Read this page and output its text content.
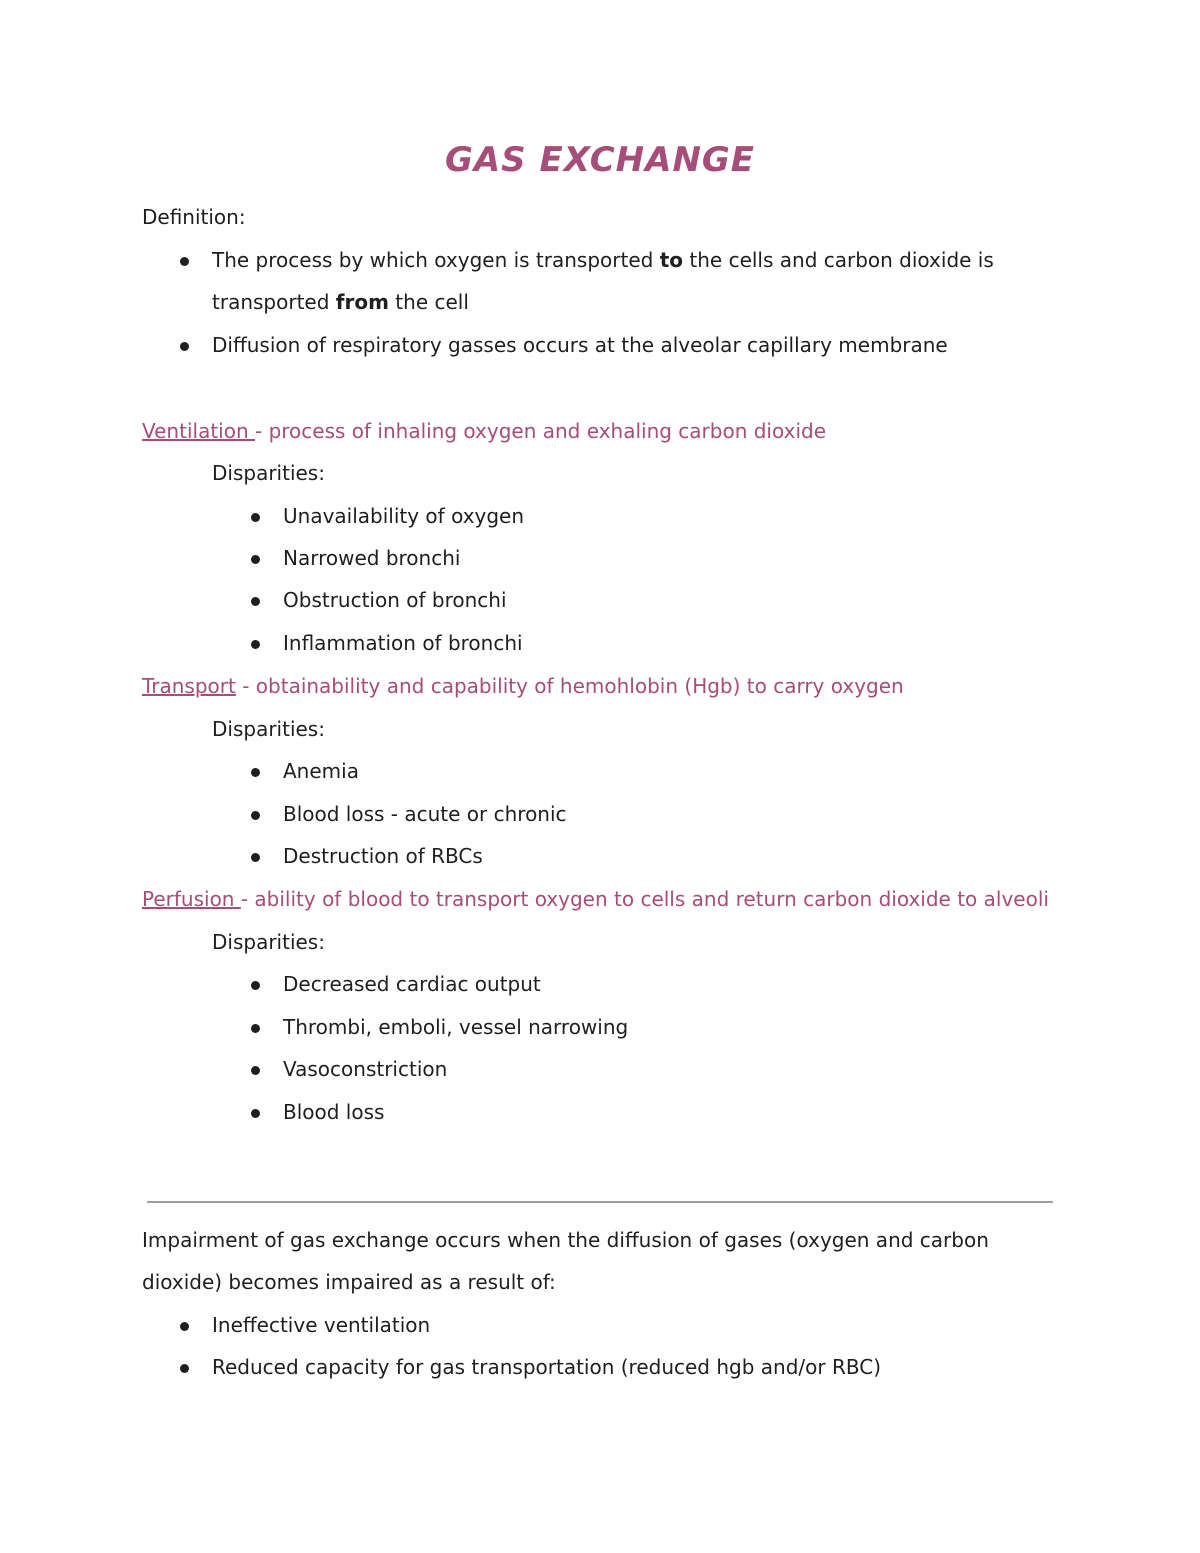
GAS EXCHANGE
Definition:
The process by which oxygen is transported to the cells and carbon dioxide is
transported from the cell
Diffusion of respiratory gasses occurs at the alveolar capillary membrane
Ventilation - process of inhaling oxygen and exhaling carbon dioxide
Disparities:
Unavailability of oxygen
Narrowed bronchi
Obstruction of bronchi
Inflammation of bronchi
Transport - obtainability and capability of hemohlobin (Hgb) to carry oxygen
Disparities:
Anemia
Blood loss - acute or chronic
Destruction of RBCs
Perfusion - ability of blood to transport oxygen to cells and return carbon dioxide to alveoli
Disparities:
Decreased cardiac output
Thrombi, emboli, vessel narrowing
Vasoconstriction
Blood loss
Impairment of gas exchange occurs when the diffusion of gases (oxygen and carbon
dioxide) becomes impaired as a result of:
Ineffective ventilation
Reduced capacity for gas transportation (reduced hgb and/or RBC)
